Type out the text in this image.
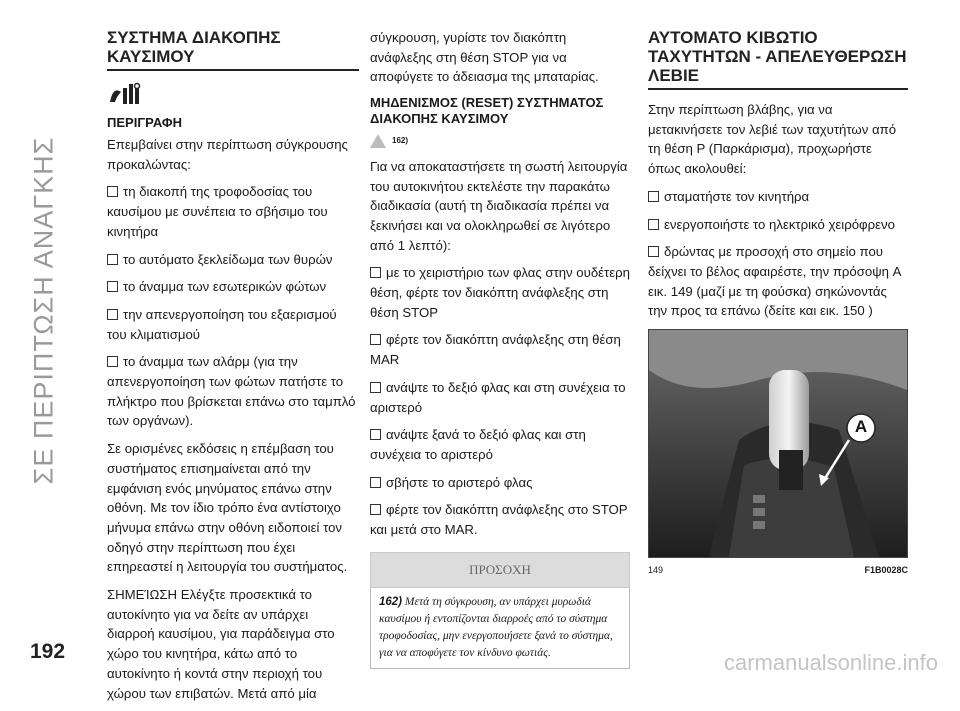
ΣΕ ΠΕΡΙΠΤΩΣΗ ΑΝΑΓΚΗΣ
192	carmanualsonline.info
ΣΥΣΤΗΜΑ ΔΙΑΚΟΠΗΣ ΚΑΥΣΙΜΟΥ
ΠΕΡΙΓΡΑΦΗ

Επεμβαίνει στην περίπτωση σύγκρουσης προκαλώντας:

τη διακοπή της τροφοδοσίας του καυσίμου με συνέπεια το σβήσιμο του κινητήρα

το αυτόματο ξεκλείδωμα των θυρών

το άναμμα των εσωτερικών φώτων

την απενεργοποίηση του εξαερισμού του κλιματισμού

το άναμμα των αλάρμ (για την απενεργοποίηση των φώτων πατήστε το πλήκτρο που βρίσκεται επάνω στο ταμπλό των οργάνων).

Σε ορισμένες εκδόσεις η επέμβαση του συστήματος επισημαίνεται από την εμφάνιση ενός μηνύματος επάνω στην οθόνη. Με τον ίδιο τρόπο ένα αντίστοιχο μήνυμα επάνω στην οθόνη ειδοποιεί τον οδηγό στην περίπτωση που έχει επηρεαστεί η λειτουργία του συστήματος.

ΣΗΜΕΊΩΣΗ Ελέγξτε προσεκτικά το αυτοκίνητο για να δείτε αν υπάρχει διαρροή καυσίμου, για παράδειγμα στο χώρο του κινητήρα, κάτω από το αυτοκίνητο ή κοντά στην περιοχή του χώρου των επιβατών. Μετά από μία

σύγκρουση, γυρίστε τον διακόπτη ανάφλεξης στη θέση STOP για να αποφύγετε το άδειασμα της μπαταρίας.

ΜΗΔΕΝΙΣΜΟΣ (RESET) ΣΥΣΤΗΜΑΤΟΣ ΔΙΑΚΟΠΗΣ ΚΑΥΣΙΜΟΥ
162)

Για να αποκαταστήσετε τη σωστή λειτουργία του αυτοκινήτου εκτελέστε την παρακάτω διαδικασία (αυτή τη διαδικασία πρέπει να ξεκινήσει και να ολοκληρωθεί σε λιγότερο από 1 λεπτό):

με το χειριστήριο των φλας στην ουδέτερη θέση, φέρτε τον διακόπτη ανάφλεξης στη θέση STOP

φέρτε τον διακόπτη ανάφλεξης στη θέση MAR

ανάψτε το δεξιό φλας και στη συνέχεια το αριστερό

ανάψτε ξανά το δεξιό φλας και στη συνέχεια το αριστερό

σβήστε το αριστερό φλας

φέρτε τον διακόπτη ανάφλεξης στο STOP και μετά στο MAR.

ΠΡΟΣΟΧΗ
162) Μετά τη σύγκρουση, αν υπάρχει μυρωδιά καυσίμου ή εντοπίζονται διαρροές από το σύστημα τροφοδοσίας, μην ενεργοποιήσετε ξανά το σύστημα, για να αποφύγετε τον κίνδυνο φωτιάς.
ΑΥΤΟΜΑΤΟ ΚΙΒΩΤΙΟ ΤΑΧΥΤΗΤΩΝ - ΑΠΕΛΕΥΘΕΡΩΣΗ ΛΕΒΙΕ

Στην περίπτωση βλάβης, για να μετακινήσετε τον λεβιέ των ταχυτήτων από τη θέση P (Παρκάρισμα), προχωρήστε όπως ακολουθεί:

σταματήστε τον κινητήρα

ενεργοποιήστε το ηλεκτρικό χειρόφρενο

δρώντας με προσοχή στο σημείο που δείχνει το βέλος αφαιρέστε, την πρόσοψη A εικ. 149 (μαζί με τη φούσκα) σηκώνοντάς την προς τα επάνω (δείτε και εικ. 150 )

A
149	F1B0028C
